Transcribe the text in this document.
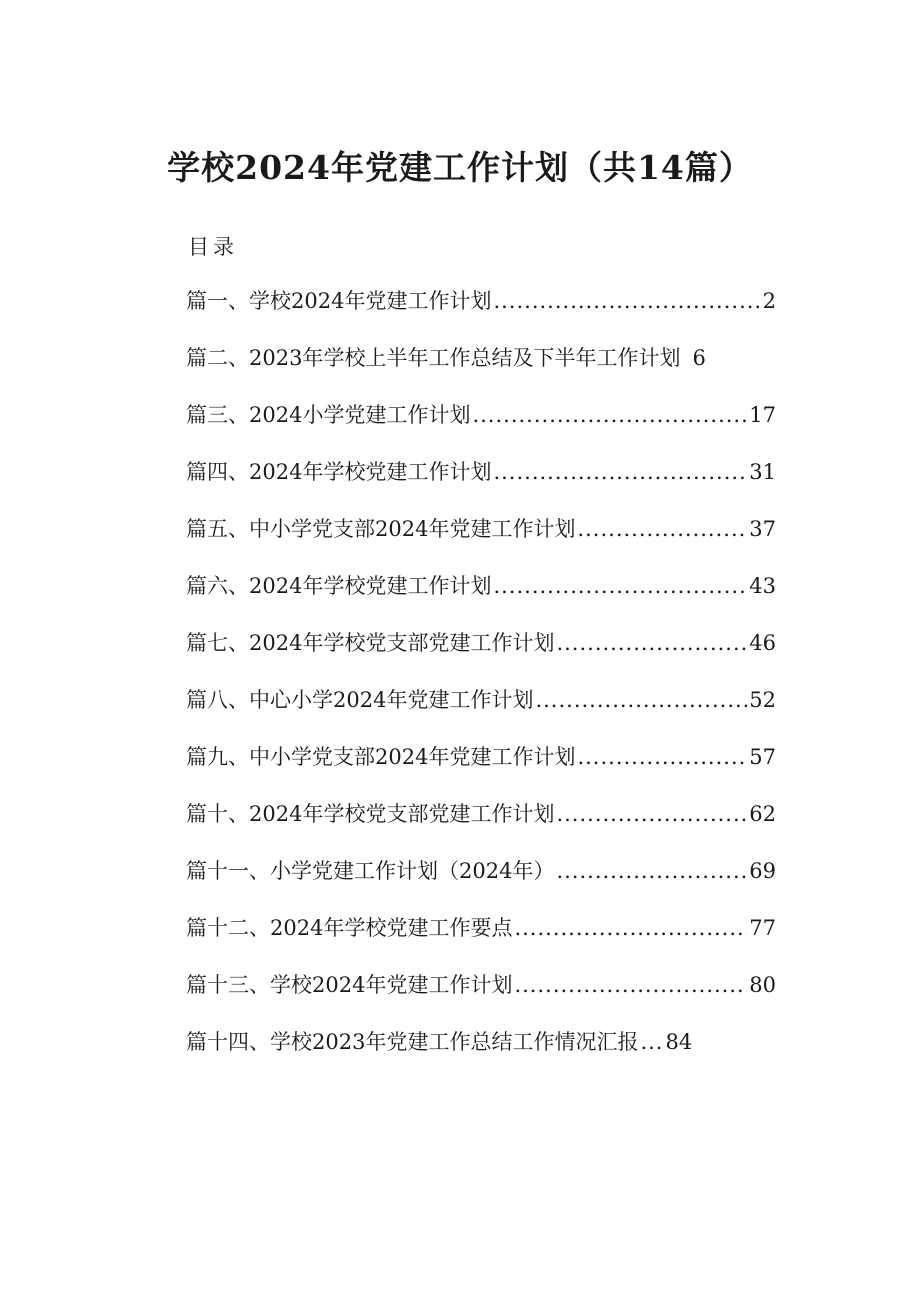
学校2024年党建工作计划（共14篇）
目录
篇一、学校2024年党建工作计划 .....	2
篇二、2023年学校上半年工作总结及下半年工作计划 6
篇三、2024小学党建工作计划 .....	17
篇四、2024年学校党建工作计划 .....	31
篇五、中小学党支部2024年党建工作计划 .....	37
篇六、2024年学校党建工作计划 .....	43
篇七、2024年学校党支部党建工作计划 .....	46
篇八、中心小学2024年党建工作计划 .....	52
篇九、中小学党支部2024年党建工作计划 .....	57
篇十、2024年学校党支部党建工作计划 .....	62
篇十一、小学党建工作计划（2024年） .....	69
篇十二、2024年学校党建工作要点 .....	77
篇十三、学校2024年党建工作计划 .....	80
篇十四、学校2023年党建工作总结工作情况汇报 ... 84
